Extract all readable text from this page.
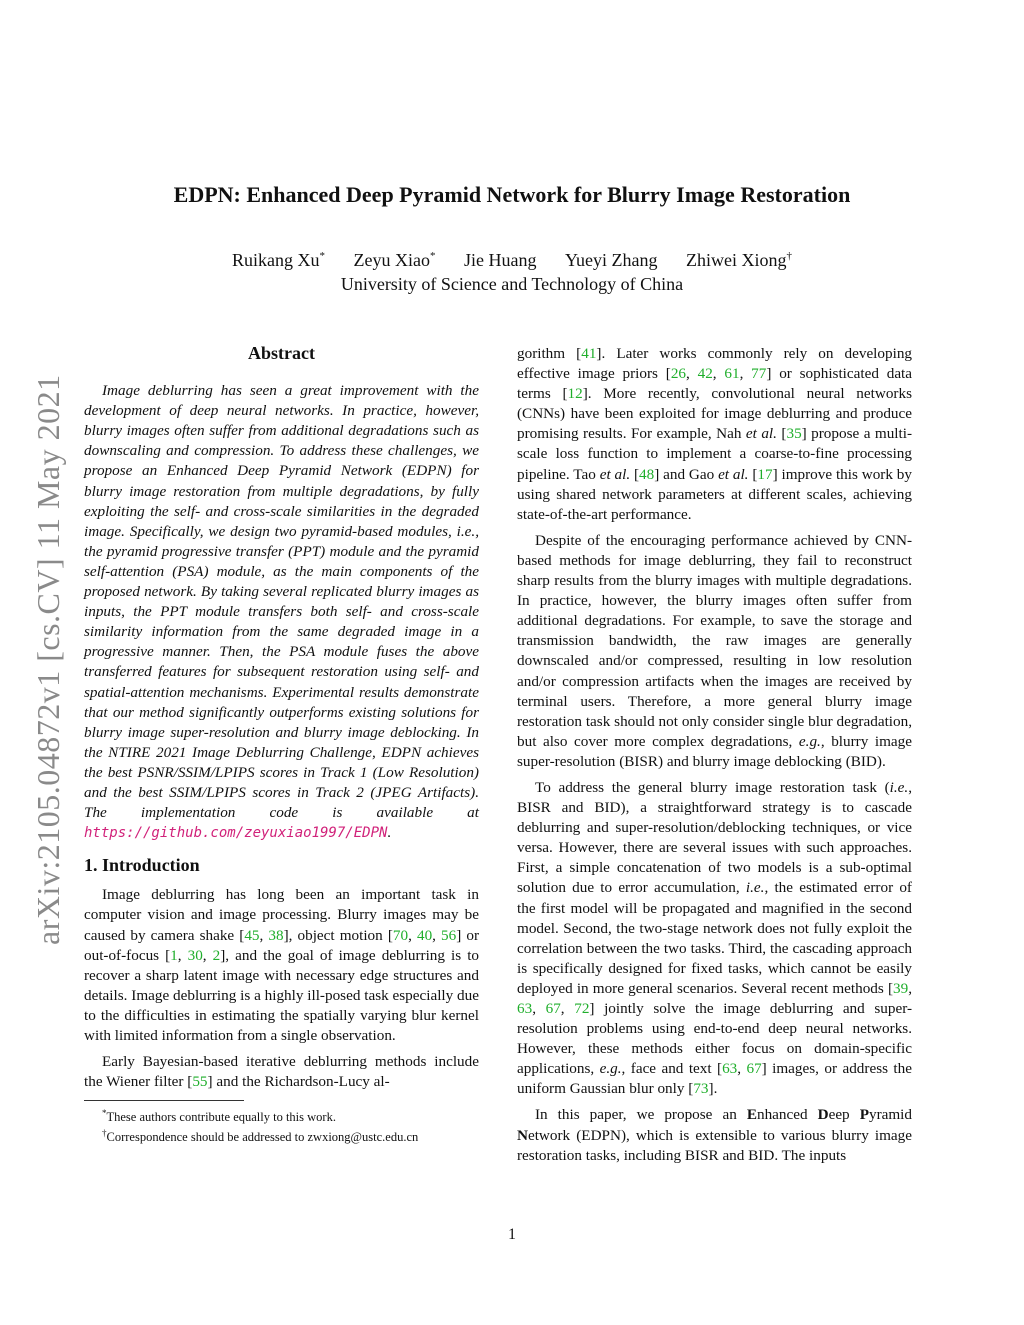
arXiv:2105.04872v1 [cs.CV] 11 May 2021
EDPN: Enhanced Deep Pyramid Network for Blurry Image Restoration
Ruikang Xu* Zeyu Xiao* Jie Huang Yueyi Zhang Zhiwei Xiong†
University of Science and Technology of China
Abstract

Image deblurring has seen a great improvement with the development of deep neural networks. In practice, however, blurry images often suffer from additional degradations such as downscaling and compression. To address these challenges, we propose an Enhanced Deep Pyramid Network (EDPN) for blurry image restoration from multiple degradations, by fully exploiting the self- and cross-scale similarities in the degraded image. Specifically, we design two pyramid-based modules, i.e., the pyramid progressive transfer (PPT) module and the pyramid self-attention (PSA) module, as the main components of the proposed network. By taking several replicated blurry images as inputs, the PPT module transfers both self- and cross-scale similarity information from the same degraded image in a progressive manner. Then, the PSA module fuses the above transferred features for subsequent restoration using self- and spatial-attention mechanisms. Experimental results demonstrate that our method significantly outperforms existing solutions for blurry image super-resolution and blurry image deblocking. In the NTIRE 2021 Image Deblurring Challenge, EDPN achieves the best PSNR/SSIM/LPIPS scores in Track 1 (Low Resolution) and the best SSIM/LPIPS scores in Track 2 (JPEG Artifacts). The implementation code is available at https://github.com/zeyuxiao1997/EDPN.

1. Introduction

Image deblurring has long been an important task in computer vision and image processing. Blurry images may be caused by camera shake [45, 38], object motion [70, 40, 56] or out-of-focus [1, 30, 2], and the goal of image deblurring is to recover a sharp latent image with necessary edge structures and details. Image deblurring is a highly ill-posed task especially due to the difficulties in estimating the spatially varying blur kernel with limited information from a single observation.

Early Bayesian-based iterative deblurring methods include the Wiener filter [55] and the Richardson-Lucy al-

*These authors contribute equally to this work.

†Correspondence should be addressed to zwxiong@ustc.edu.cn

gorithm [41]. Later works commonly rely on developing effective image priors [26, 42, 61, 77] or sophisticated data terms [12]. More recently, convolutional neural networks (CNNs) have been exploited for image deblurring and produce promising results. For example, Nah et al. [35] propose a multi-scale loss function to implement a coarse-to-fine processing pipeline. Tao et al. [48] and Gao et al. [17] improve this work by using shared network parameters at different scales, achieving state-of-the-art performance.

Despite of the encouraging performance achieved by CNN-based methods for image deblurring, they fail to reconstruct sharp results from the blurry images with multiple degradations. In practice, however, the blurry images often suffer from additional degradations. For example, to save the storage and transmission bandwidth, the raw images are generally downscaled and/or compressed, resulting in low resolution and/or compression artifacts when the images are received by terminal users. Therefore, a more general blurry image restoration task should not only consider single blur degradation, but also cover more complex degradations, e.g., blurry image super-resolution (BISR) and blurry image deblocking (BID).

To address the general blurry image restoration task (i.e., BISR and BID), a straightforward strategy is to cascade deblurring and super-resolution/deblocking techniques, or vice versa. However, there are several issues with such approaches. First, a simple concatenation of two models is a sub-optimal solution due to error accumulation, i.e., the estimated error of the first model will be propagated and magnified in the second model. Second, the two-stage network does not fully exploit the correlation between the two tasks. Third, the cascading approach is specifically designed for fixed tasks, which cannot be easily deployed in more general scenarios. Several recent methods [39, 63, 67, 72] jointly solve the image deblurring and super-resolution problems using end-to-end deep neural networks. However, these methods either focus on domain-specific applications, e.g., face and text [63, 67] images, or address the uniform Gaussian blur only [73].

In this paper, we propose an Enhanced Deep Pyramid Network (EDPN), which is extensible to various blurry image restoration tasks, including BISR and BID. The inputs

1
